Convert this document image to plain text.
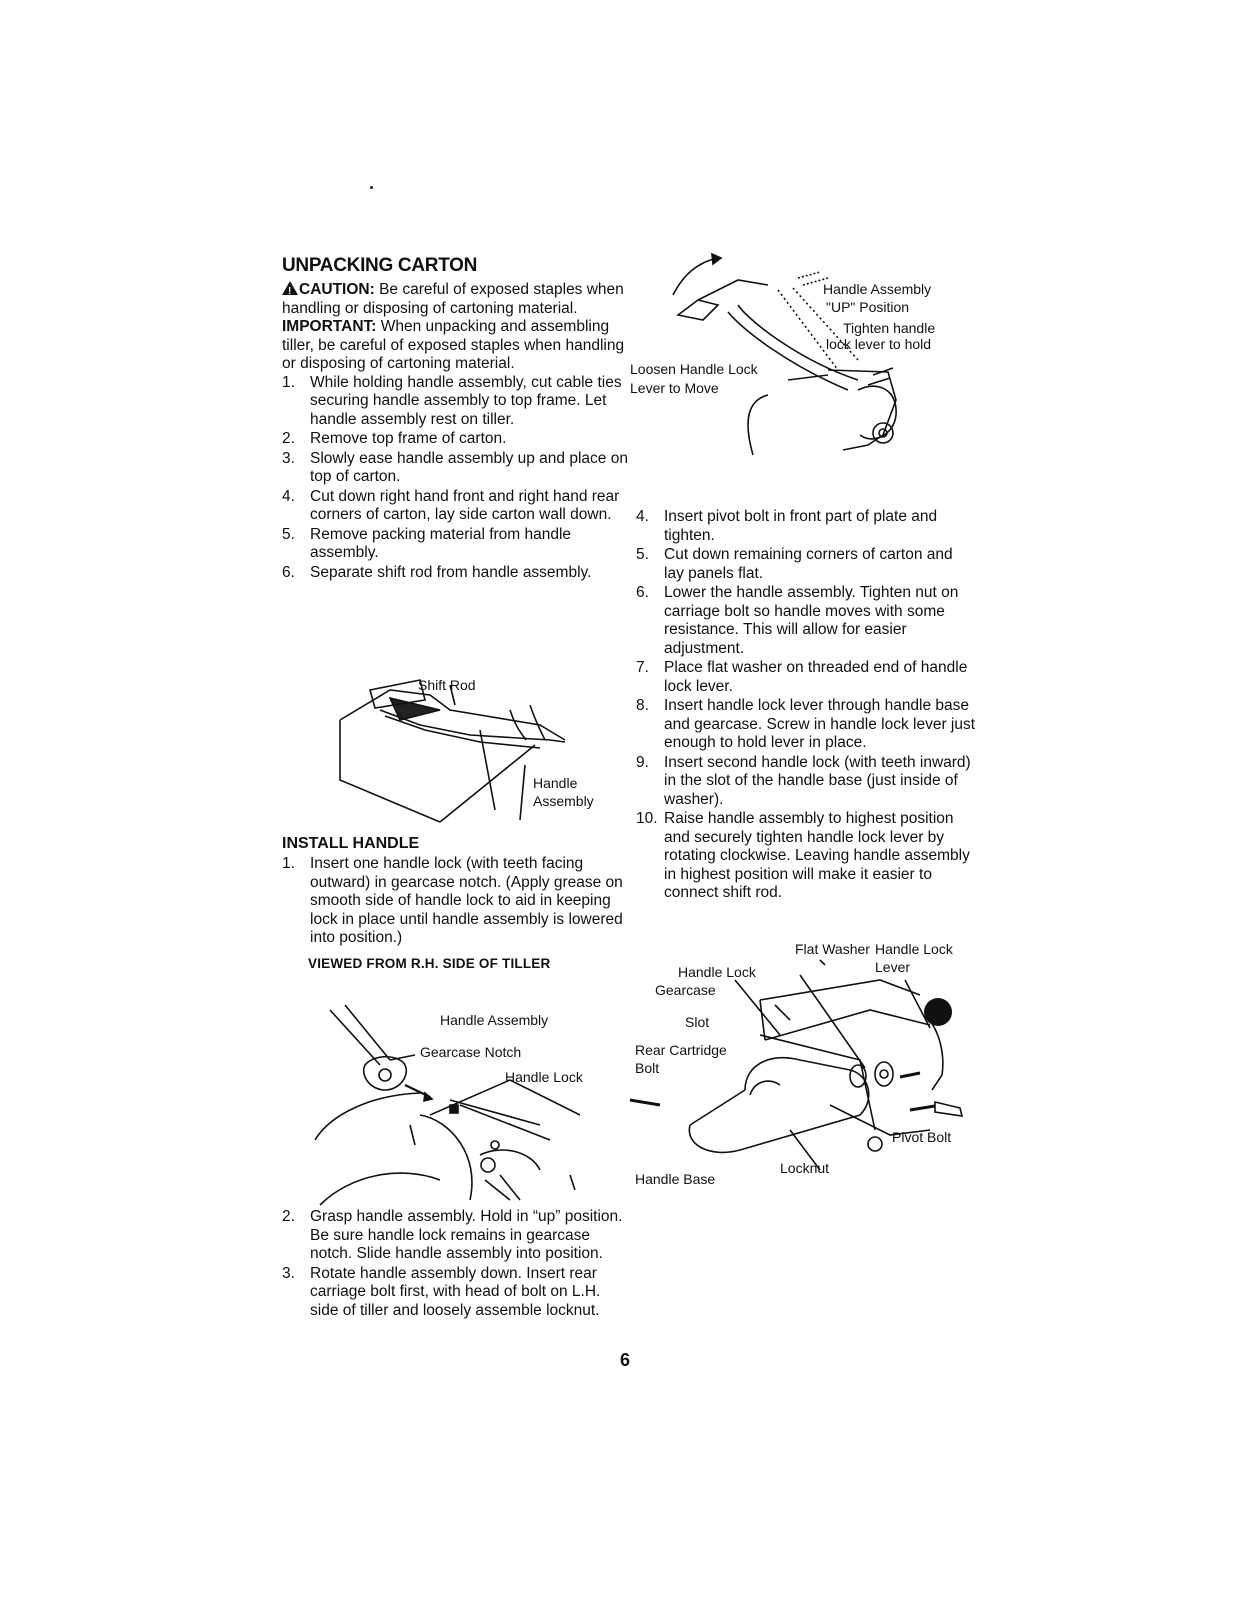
UNPACKING CARTON

!CAUTION: Be careful of exposed staples when handling or disposing of cartoning material.

IMPORTANT: When unpacking and assembling tiller, be careful of exposed staples when handling or disposing of cartoning material.

1. While holding handle assembly, cut cable ties securing handle assembly to top frame. Let handle assembly rest on tiller.
2. Remove top frame of carton.
3. Slowly ease handle assembly up and place on top of carton.
4. Cut down right hand front and right hand rear corners of carton, lay side carton wall down.
5. Remove packing material from handle assembly.
6. Separate shift rod from handle assembly.
Shift Rod
Handle
Assembly
INSTALL HANDLE
1. Insert one handle lock (with teeth facing outward) in gearcase notch. (Apply grease on smooth side of handle lock to aid in keeping lock in place until handle assembly is lowered into position.)
VIEWED FROM R.H. SIDE OF TILLER
Handle Assembly
Gearcase Notch
Handle Lock
2. Grasp handle assembly. Hold in “up” position. Be sure handle lock remains in gearcase notch. Slide handle assembly into position.
3. Rotate handle assembly down. Insert rear carriage bolt first, with head of bolt on L.H. side of tiller and loosely assemble locknut.
Handle Assembly
"UP" Position
Tighten handle
lock lever to hold
Loosen Handle Lock
Lever to Move
4. Insert pivot bolt in front part of plate and tighten.
5. Cut down remaining corners of carton and lay panels flat.
6. Lower the handle assembly. Tighten nut on carriage bolt so handle moves with some resistance. This will allow for easier adjustment.
7. Place flat washer on threaded end of handle lock lever.
8. Insert handle lock lever through handle base and gearcase. Screw in handle lock lever just enough to hold lever in place.
9. Insert second handle lock (with teeth inward) in the slot of the handle base (just inside of washer).
10. Raise handle assembly to highest position and securely tighten handle lock lever by rotating clockwise. Leaving handle assembly in highest position will make it easier to connect shift rod.
Flat Washer Handle Lock
Lever
Handle Lock
Gearcase
Slot
Rear Cartridge
Bolt
Pivot Bolt
Locknut
Handle Base
6
